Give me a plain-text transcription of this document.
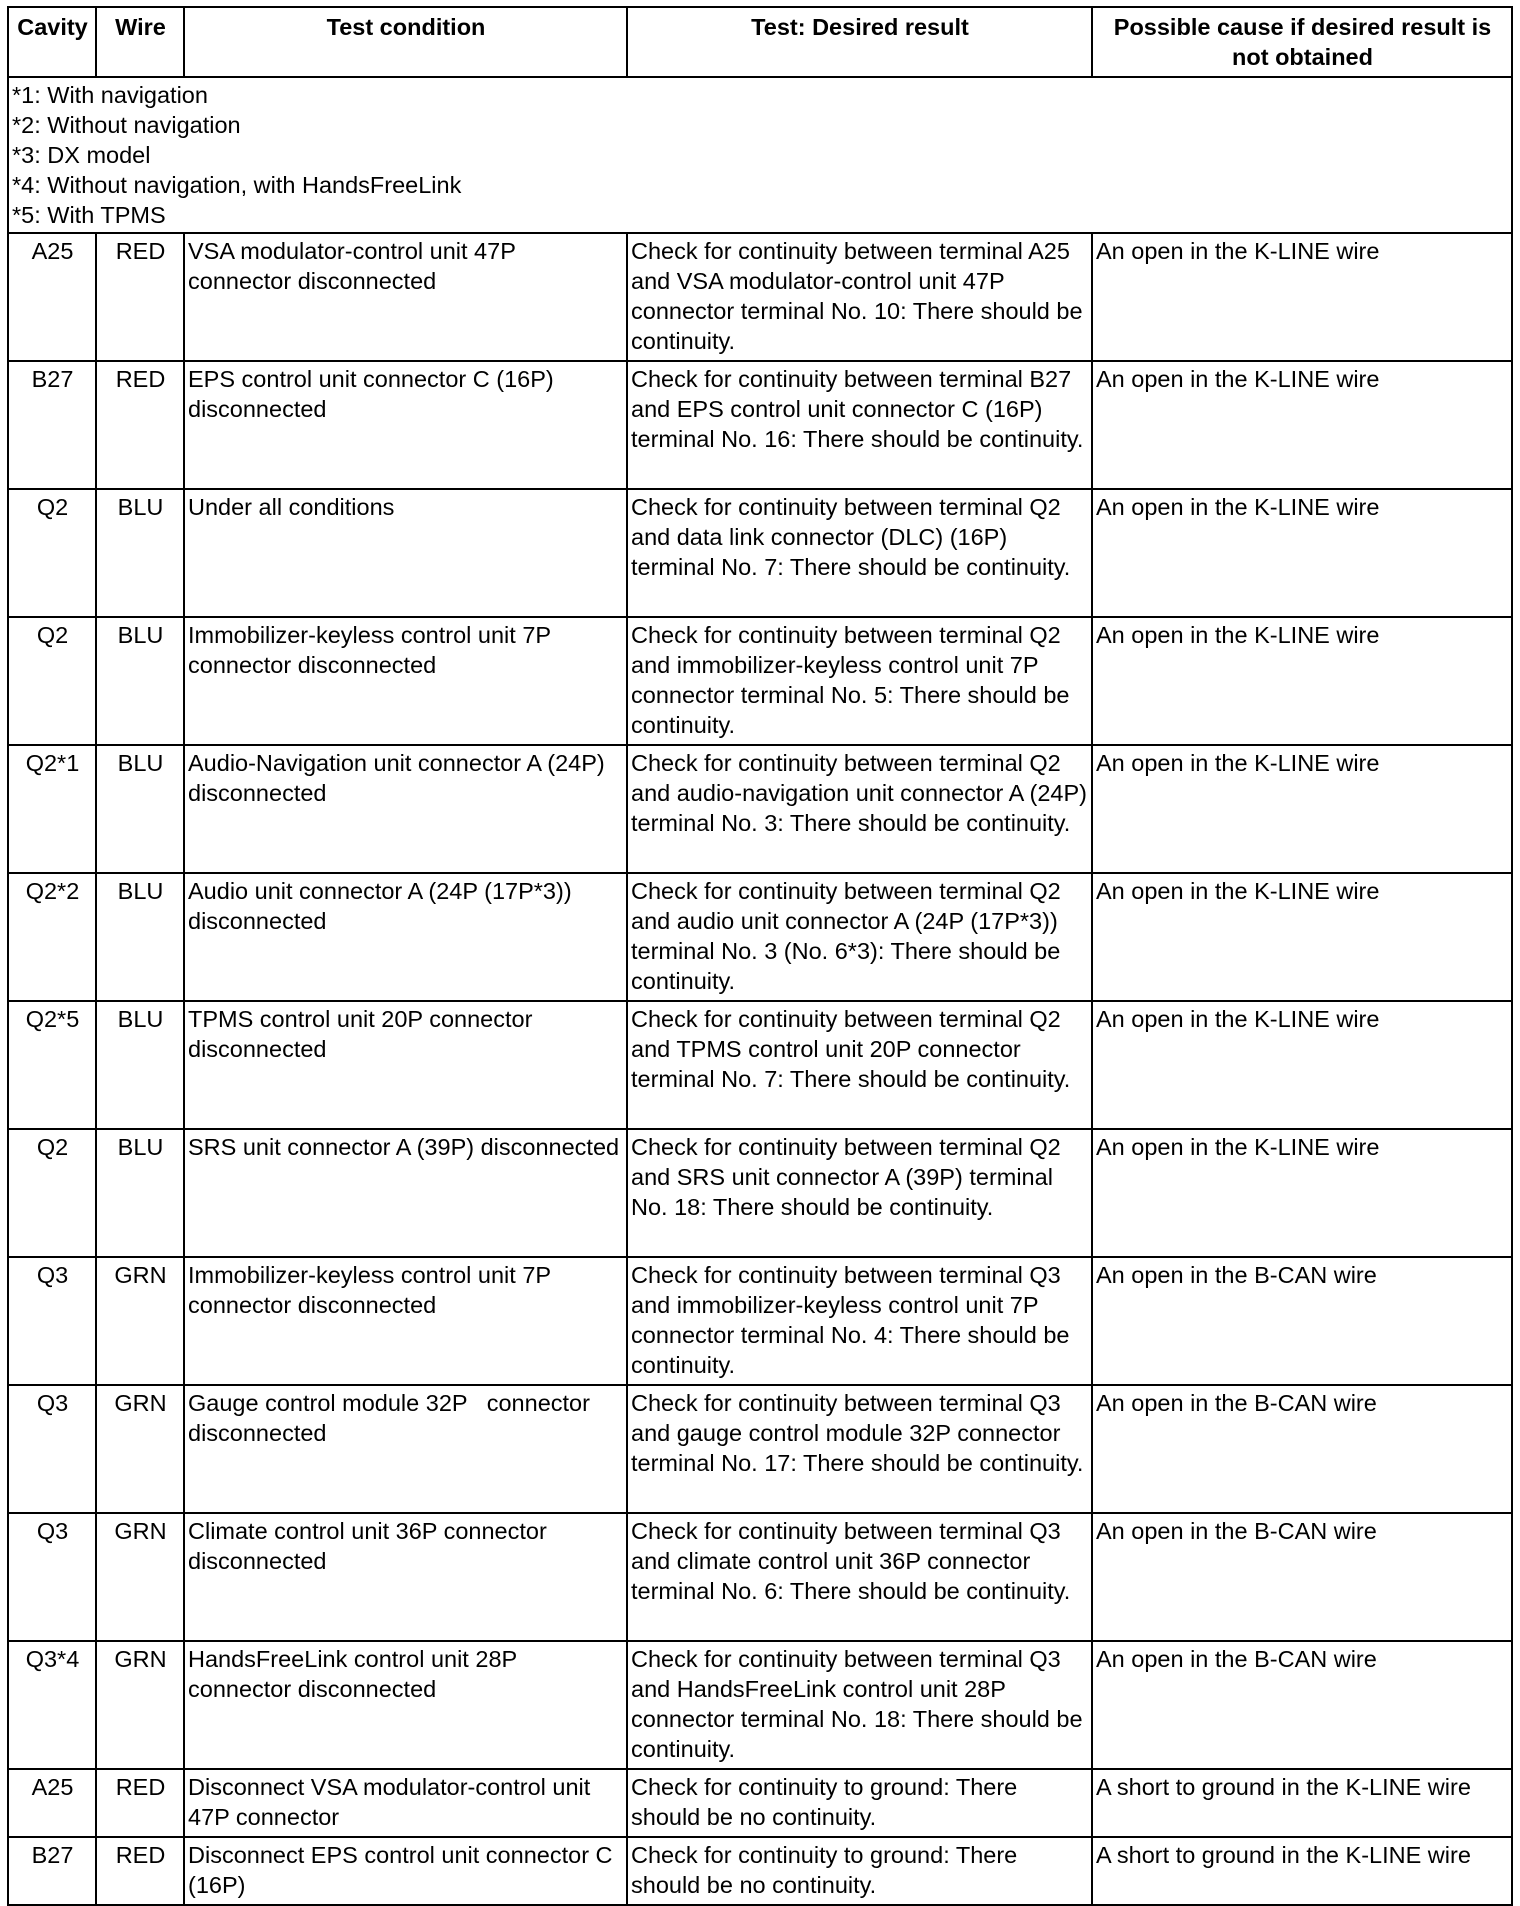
Cavity	Wire	Test condition	Test: Desired result	Possible cause if desired result is not obtained

*1: With navigation
*2: Without navigation
*3: DX model
*4: Without navigation, with HandsFreeLink
*5: With TPMS				

A25	RED	VSA modulator-control unit 47P connector disconnected	Check for continuity between terminal A25 and VSA modulator-control unit 47P connector terminal No. 10: There should be continuity.	An open in the K-LINE wire
B27	RED	EPS control unit connector C (16P) disconnected	Check for continuity between terminal B27 and EPS control unit connector C (16P) terminal No. 16: There should be continuity.	An open in the K-LINE wire
Q2	BLU	Under all conditions	Check for continuity between terminal Q2 and data link connector (DLC) (16P) terminal No. 7: There should be continuity.	An open in the K-LINE wire
Q2	BLU	Immobilizer-keyless control unit 7P connector disconnected	Check for continuity between terminal Q2 and immobilizer-keyless control unit 7P connector terminal No. 5: There should be continuity.	An open in the K-LINE wire
Q2*1	BLU	Audio-Navigation unit connector A (24P) disconnected	Check for continuity between terminal Q2 and audio-navigation unit connector A (24P) terminal No. 3: There should be continuity.	An open in the K-LINE wire
Q2*2	BLU	Audio unit connector A (24P (17P*3)) disconnected	Check for continuity between terminal Q2 and audio unit connector A (24P (17P*3))   terminal No. 3 (No. 6*3): There should be continuity.	An open in the K-LINE wire
Q2*5	BLU	TPMS control unit 20P connector disconnected	Check for continuity between terminal Q2 and TPMS control unit 20P connector terminal No. 7: There should be continuity.	An open in the K-LINE wire
Q2	BLU	SRS unit connector A (39P) disconnected	Check for continuity between terminal Q2 and SRS unit connector A (39P) terminal No. 18: There should be continuity.	An open in the K-LINE wire
Q3	GRN	Immobilizer-keyless control unit 7P connector disconnected	Check for continuity between terminal Q3 and immobilizer-keyless control unit 7P connector terminal No. 4: There should be continuity.	An open in the B-CAN wire
Q3	GRN	Gauge control module 32P   connector disconnected	Check for continuity between terminal Q3 and gauge control module 32P connector terminal No. 17: There should be continuity.	An open in the B-CAN wire
Q3	GRN	Climate control unit 36P connector disconnected	Check for continuity between terminal Q3 and climate control unit 36P connector terminal No. 6: There should be continuity.	An open in the B-CAN wire
Q3*4	GRN	HandsFreeLink control unit 28P connector disconnected	Check for continuity between terminal Q3 and HandsFreeLink control unit 28P connector terminal No. 18: There should be continuity.	An open in the B-CAN wire
A25	RED	Disconnect VSA modulator-control unit 47P connector	Check for continuity to ground: There should be no continuity.	A short to ground in the K-LINE wire
B27	RED	Disconnect EPS control unit connector C (16P)	Check for continuity to ground: There should be no continuity.	A short to ground in the K-LINE wire
